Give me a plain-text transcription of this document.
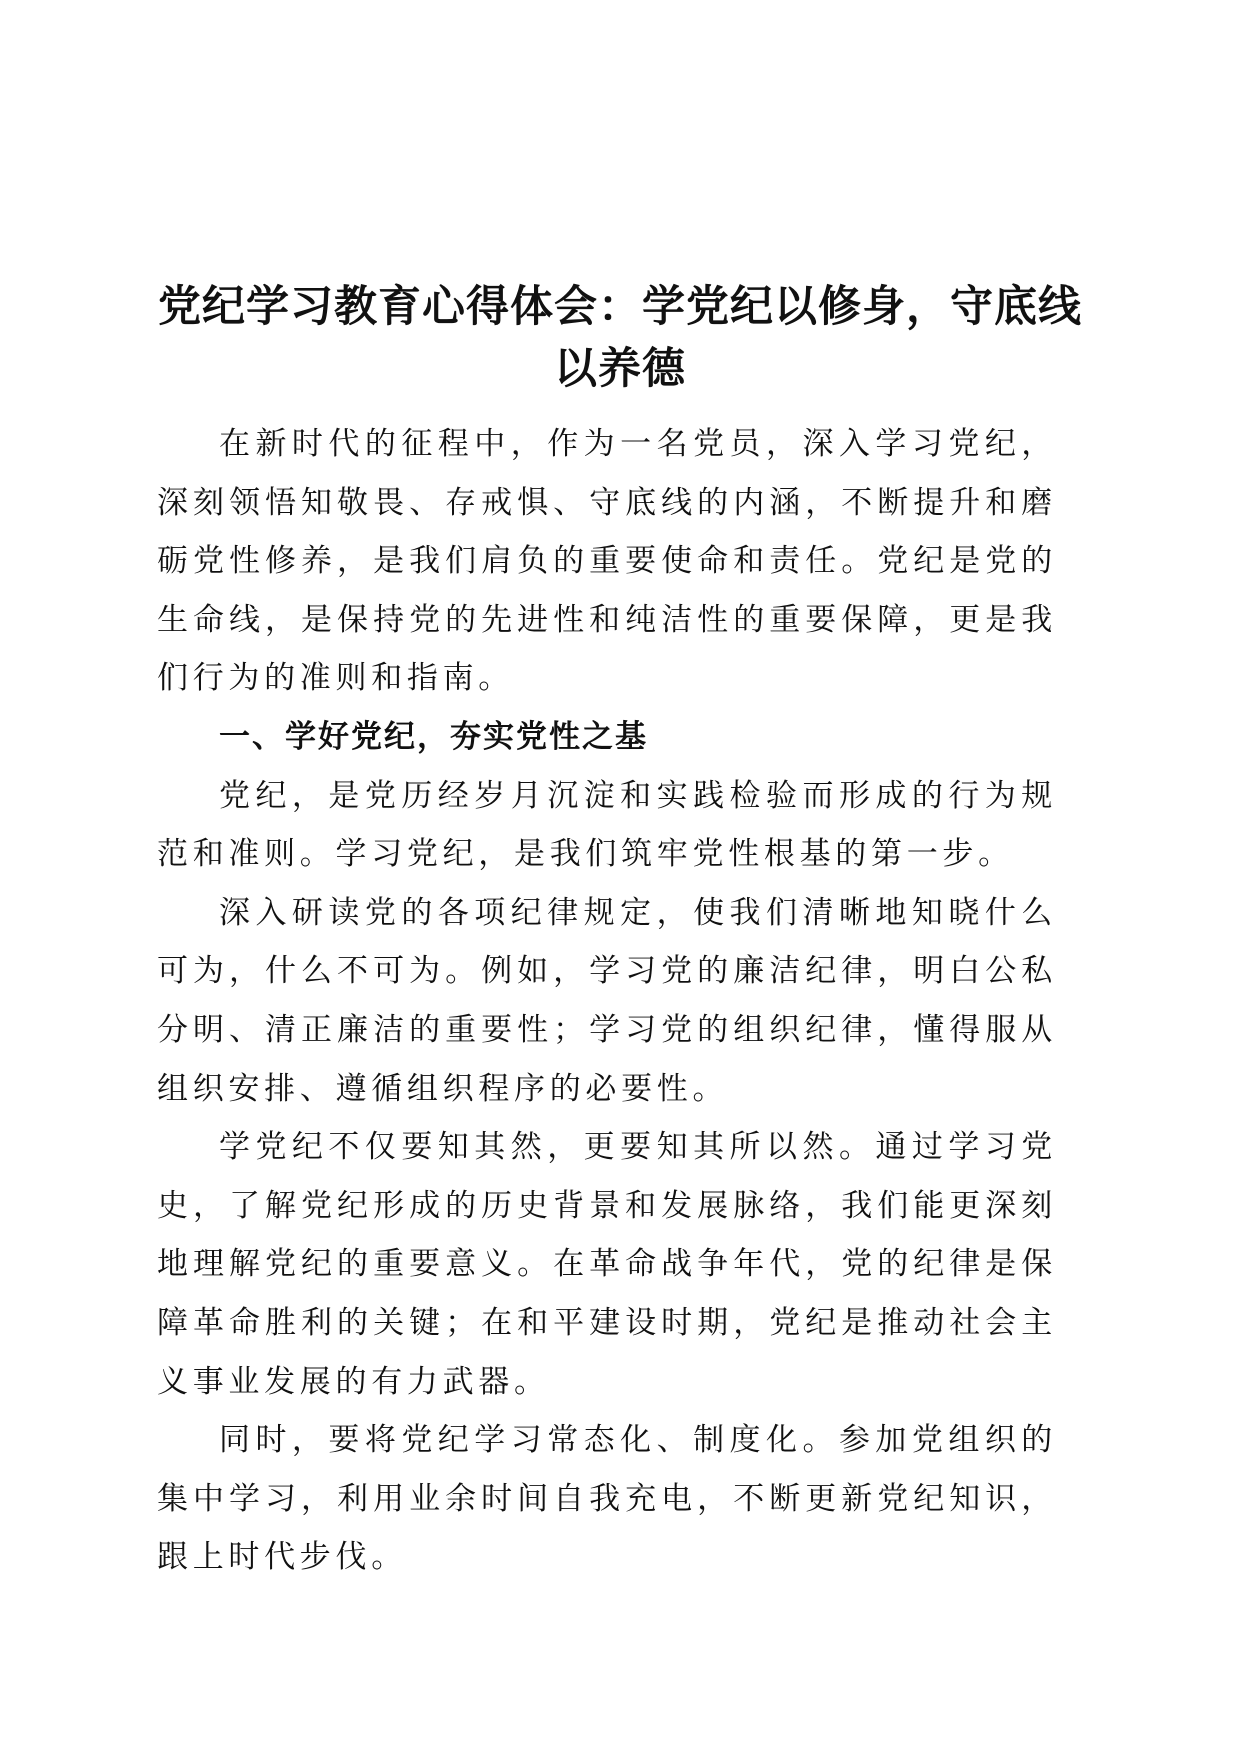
党纪学习教育心得体会：学党纪以修身，守底线以养德

在新时代的征程中，作为一名党员，深入学习党纪，深刻领悟知敬畏、存戒惧、守底线的内涵，不断提升和磨砺党性修养，是我们肩负的重要使命和责任。党纪是党的生命线，是保持党的先进性和纯洁性的重要保障，更是我们行为的准则和指南。

一、学好党纪，夯实党性之基

党纪，是党历经岁月沉淀和实践检验而形成的行为规范和准则。学习党纪，是我们筑牢党性根基的第一步。

深入研读党的各项纪律规定，使我们清晰地知晓什么可为，什么不可为。例如，学习党的廉洁纪律，明白公私分明、清正廉洁的重要性；学习党的组织纪律，懂得服从组织安排、遵循组织程序的必要性。

学党纪不仅要知其然，更要知其所以然。通过学习党史，了解党纪形成的历史背景和发展脉络，我们能更深刻地理解党纪的重要意义。在革命战争年代，党的纪律是保障革命胜利的关键；在和平建设时期，党纪是推动社会主义事业发展的有力武器。

同时，要将党纪学习常态化、制度化。参加党组织的集中学习，利用业余时间自我充电，不断更新党纪知识，跟上时代步伐。
